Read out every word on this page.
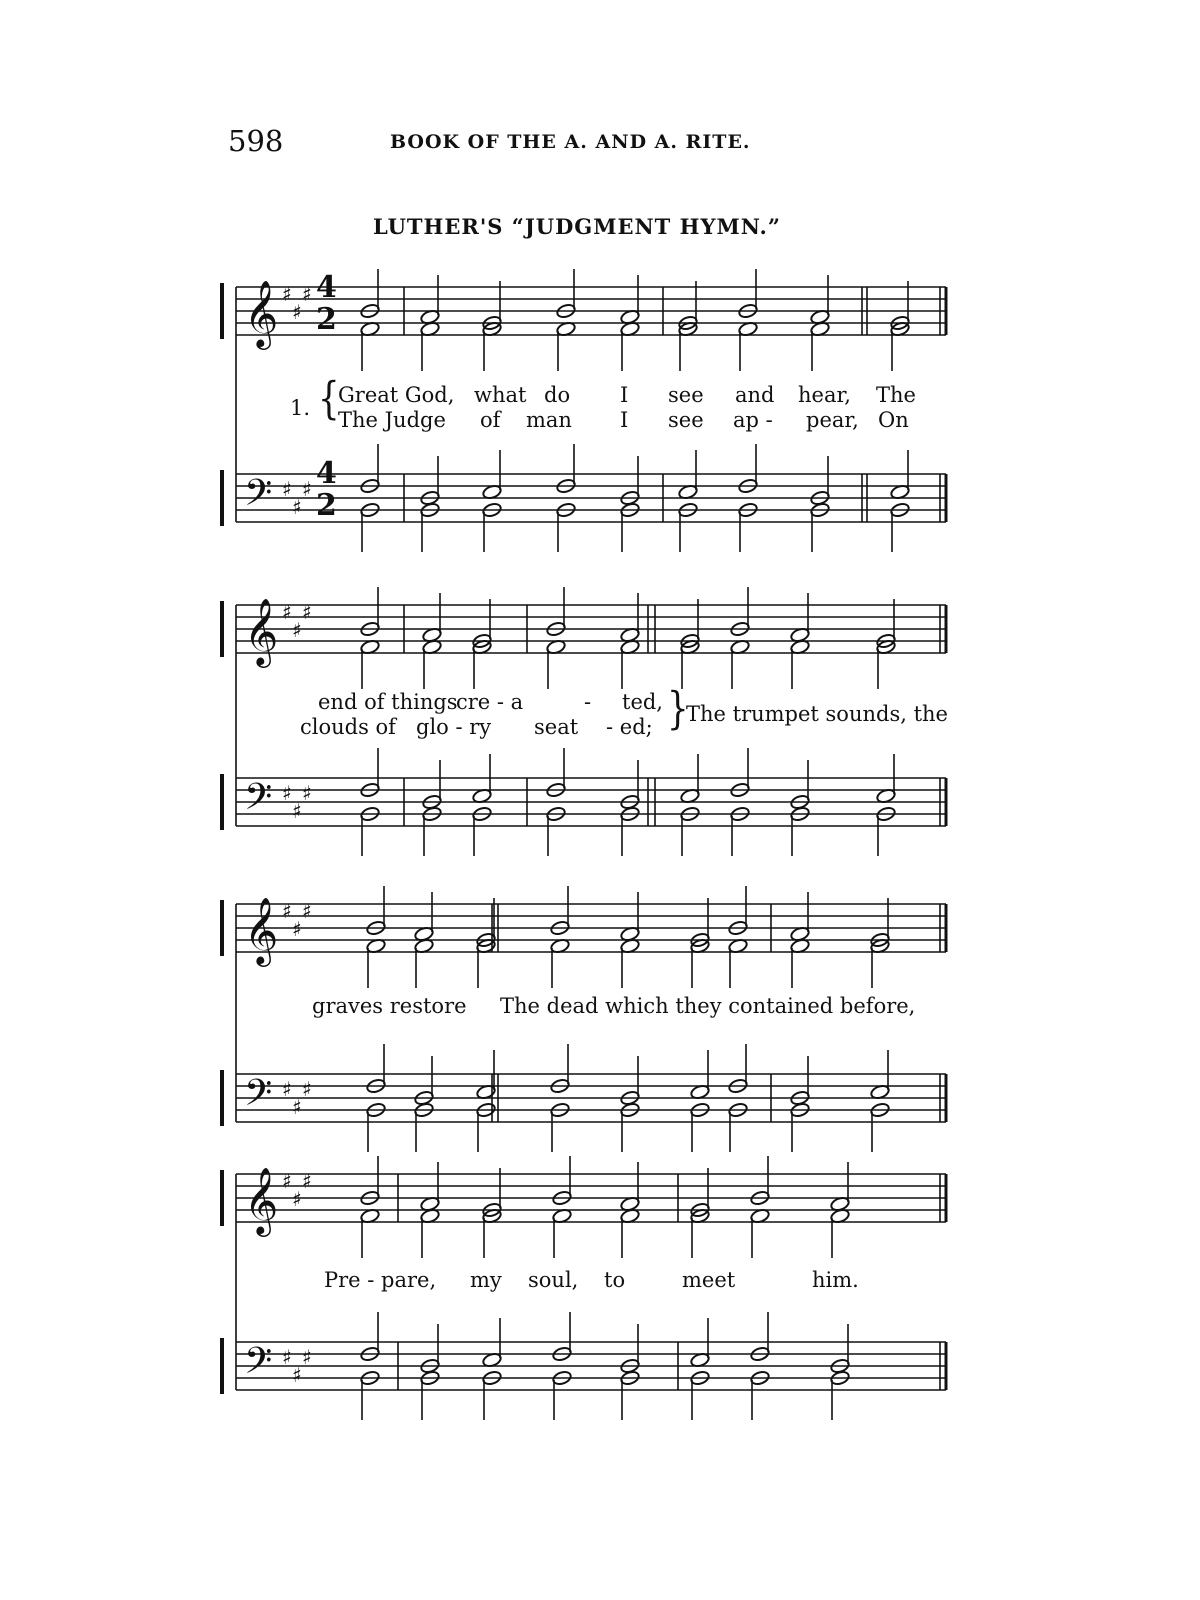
598	BOOK OF THE A. AND A. RITE.
LUTHER'S “JUDGMENT HYMN.”
𝄞 ♯
♯
♯
𝄢 ♯
♯
♯
𝄞 ♯
♯
♯
𝄢 ♯
♯
♯
𝄞 ♯
♯
♯
𝄢 ♯
♯
♯
𝄞 ♯
♯
♯
𝄢 ♯
♯
♯
4
2
4
2
1. {
Great God, what do I see and hear, The
The Judge of man I see ap - pear, On
end of things
cre - a	- ted,
clouds of glo - ry seat - ed; }
The trumpet sounds, the
graves restore The dead which they contained before,
Pre - pare, my soul, to	meet	him.
